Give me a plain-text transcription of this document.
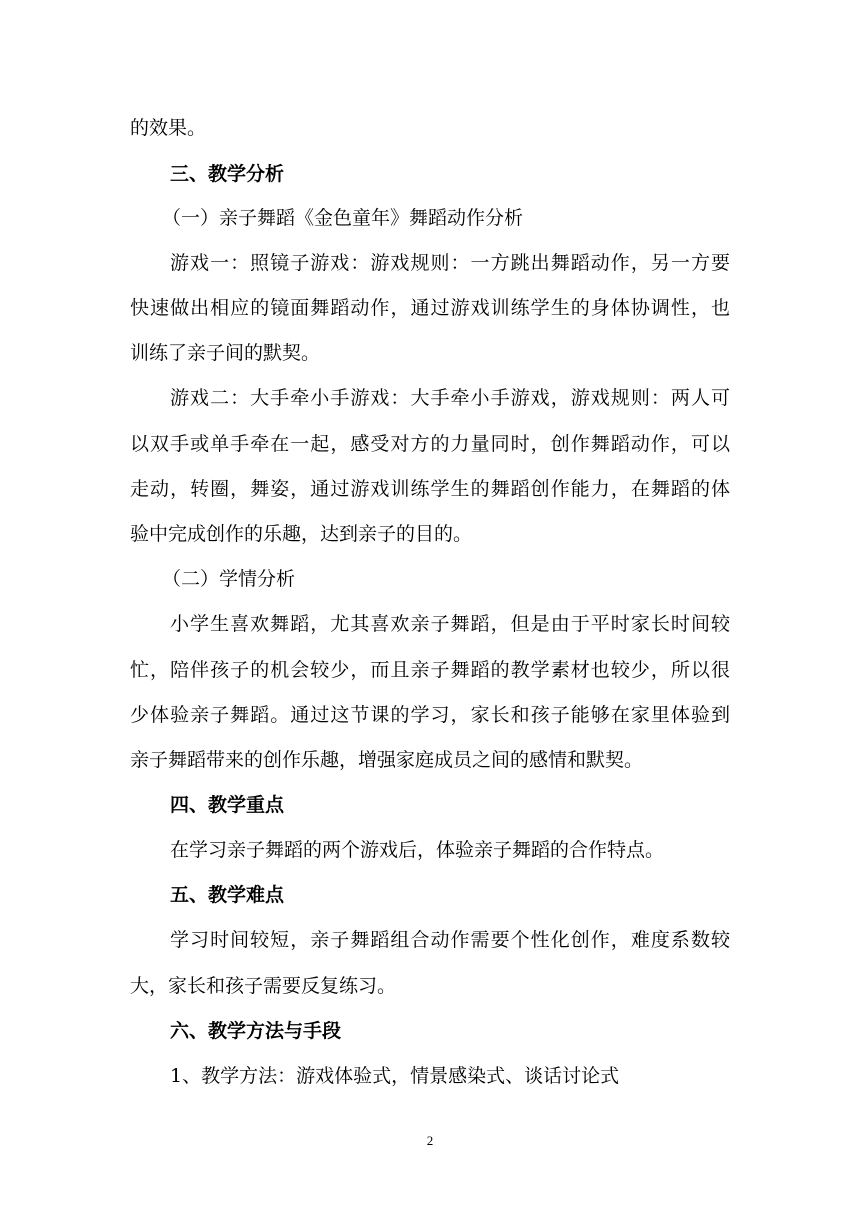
的效果。
三、教学分析
（一）亲子舞蹈《金色童年》舞蹈动作分析
游戏一：照镜子游戏：游戏规则：一方跳出舞蹈动作，另一方要
快速做出相应的镜面舞蹈动作，通过游戏训练学生的身体协调性，也
训练了亲子间的默契。
游戏二：大手牵小手游戏：大手牵小手游戏，游戏规则：两人可
以双手或单手牵在一起，感受对方的力量同时，创作舞蹈动作，可以
走动，转圈，舞姿，通过游戏训练学生的舞蹈创作能力，在舞蹈的体
验中完成创作的乐趣，达到亲子的目的。
（二）学情分析
小学生喜欢舞蹈，尤其喜欢亲子舞蹈，但是由于平时家长时间较
忙，陪伴孩子的机会较少，而且亲子舞蹈的教学素材也较少，所以很
少体验亲子舞蹈。通过这节课的学习，家长和孩子能够在家里体验到
亲子舞蹈带来的创作乐趣，增强家庭成员之间的感情和默契。
四、教学重点
在学习亲子舞蹈的两个游戏后，体验亲子舞蹈的合作特点。
五、教学难点
学习时间较短，亲子舞蹈组合动作需要个性化创作，难度系数较
大，家长和孩子需要反复练习。
六、教学方法与手段
1、教学方法：游戏体验式，情景感染式、谈话讨论式
2
